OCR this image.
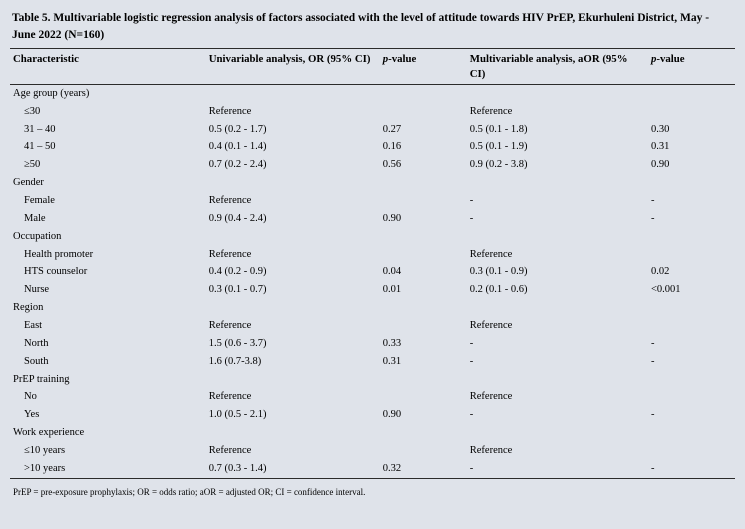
Table 5. Multivariable logistic regression analysis of factors associated with the level of attitude towards HIV PrEP, Ekurhuleni District, May - June 2022 (N=160)
Characteristic	Univariable analysis, OR (95% CI)	p-value	Multivariable analysis, aOR (95% CI)	p-value
Age group (years)				
≤30	Reference		Reference	
31 – 40	0.5 (0.2 - 1.7)	0.27	0.5 (0.1 - 1.8)	0.30
41 – 50	0.4 (0.1 - 1.4)	0.16	0.5 (0.1 - 1.9)	0.31
≥50	0.7 (0.2 - 2.4)	0.56	0.9 (0.2 - 3.8)	0.90
Gender				
Female	Reference		-	-
Male	0.9 (0.4 - 2.4)	0.90	-	-
Occupation				
Health promoter	Reference		Reference	
HTS counselor	0.4 (0.2 - 0.9)	0.04	0.3 (0.1 - 0.9)	0.02
Nurse	0.3 (0.1 - 0.7)	0.01	0.2 (0.1 - 0.6)	<0.001
Region				
East	Reference		Reference	
North	1.5 (0.6 - 3.7)	0.33	-	-
South	1.6 (0.7-3.8)	0.31	-	-
PrEP training				
No	Reference		Reference	
Yes	1.0 (0.5 - 2.1)	0.90	-	-
Work experience				
≤10 years	Reference		Reference	
>10 years	0.7 (0.3 - 1.4)	0.32	-	-
PrEP = pre-exposure prophylaxis; OR = odds ratio; aOR = adjusted OR; CI = confidence interval.
